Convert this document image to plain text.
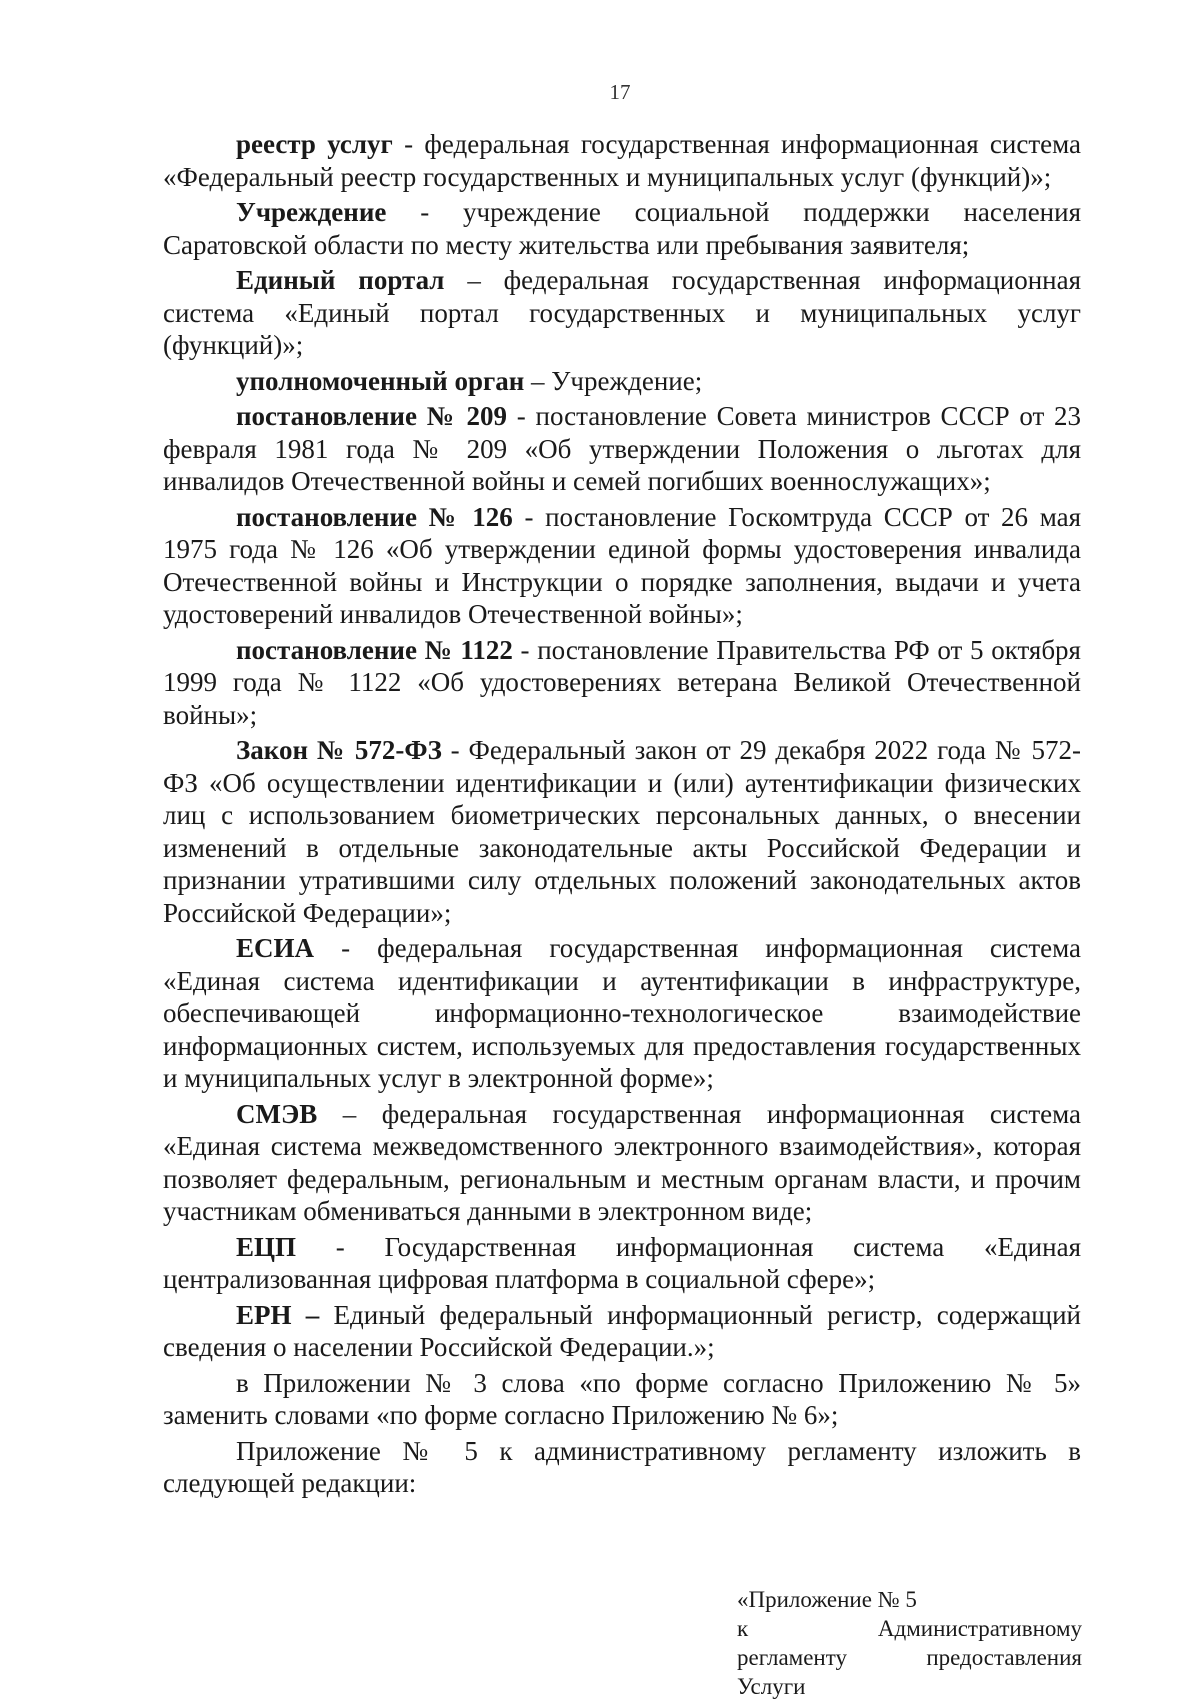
17

реестр услуг - федеральная государственная информационная система «Федеральный реестр государственных и муниципальных услуг (функций)»;

Учреждение - учреждение социальной поддержки населения Саратовской области по месту жительства или пребывания заявителя;

Единый портал – федеральная государственная информационная система «Единый портал государственных и муниципальных услуг (функций)»;

уполномоченный орган – Учреждение;

постановление № 209 - постановление Совета министров СССР от 23 февраля 1981 года № 209 «Об утверждении Положения о льготах для инвалидов Отечественной войны и семей погибших военнослужащих»;

постановление № 126 - постановление Госкомтруда СССР от 26 мая 1975 года № 126 «Об утверждении единой формы удостоверения инвалида Отечественной войны и Инструкции о порядке заполнения, выдачи и учета удостоверений инвалидов Отечественной войны»;

постановление № 1122 - постановление Правительства РФ от 5 октября 1999 года № 1122 «Об удостоверениях ветерана Великой Отечественной войны»;

Закон № 572-ФЗ - Федеральный закон от 29 декабря 2022 года № 572-ФЗ «Об осуществлении идентификации и (или) аутентификации физических лиц с использованием биометрических персональных данных, о внесении изменений в отдельные законодательные акты Российской Федерации и признании утратившими силу отдельных положений законодательных актов Российской Федерации»;

ЕСИА - федеральная государственная информационная система «Единая система идентификации и аутентификации в инфраструктуре, обеспечивающей информационно-технологическое взаимодействие информационных систем, используемых для предоставления государственных и муниципальных услуг в электронной форме»;

СМЭВ – федеральная государственная информационная система «Единая система межведомственного электронного взаимодействия», которая позволяет федеральным, региональным и местным органам власти, и прочим участникам обмениваться данными в электронном виде;

ЕЦП - Государственная информационная система «Единая централизованная цифровая платформа в социальной сфере»;

ЕРН – Единый федеральный информационный регистр, содержащий сведения о населении Российской Федерации.»;

в Приложении № 3 слова «по форме согласно Приложению № 5» заменить словами «по форме согласно Приложению № 6»;

Приложение № 5 к административному регламенту изложить в следующей редакции:

«Приложение № 5
к	Административному
регламенту	предоставления
Услуги
